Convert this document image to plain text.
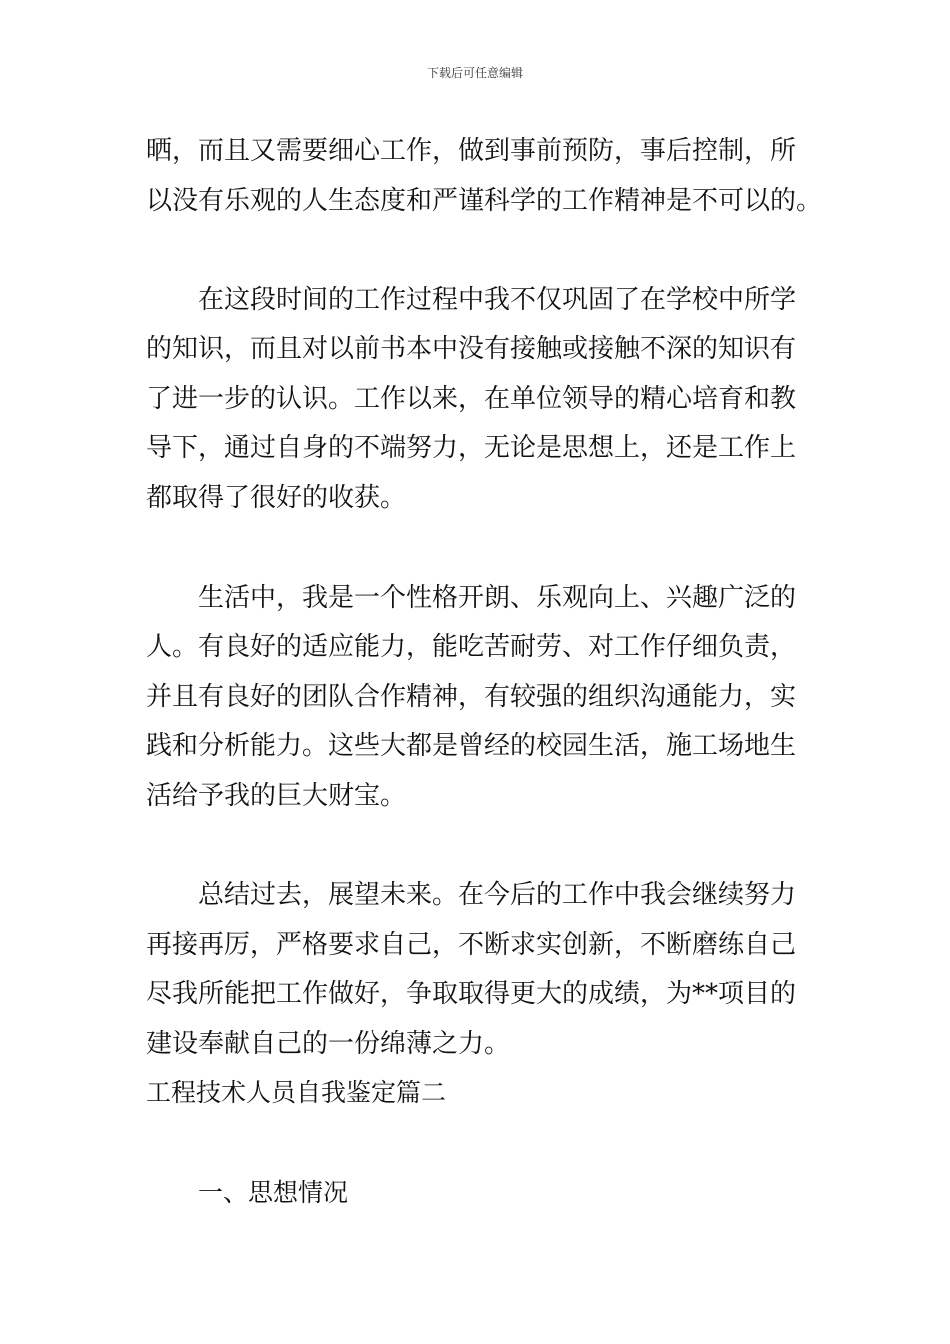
下载后可任意编辑
晒，而且又需要细心工作，做到事前预防，事后控制，所
以没有乐观的人生态度和严谨科学的工作精神是不可以的。
在这段时间的工作过程中我不仅巩固了在学校中所学
的知识，而且对以前书本中没有接触或接触不深的知识有
了进一步的认识。工作以来，在单位领导的精心培育和教
导下，通过自身的不端努力，无论是思想上，还是工作上
都取得了很好的收获。
生活中，我是一个性格开朗、乐观向上、兴趣广泛的
人。有良好的适应能力，能吃苦耐劳、对工作仔细负责，
并且有良好的团队合作精神，有较强的组织沟通能力，实
践和分析能力。这些大都是曾经的校园生活，施工场地生
活给予我的巨大财宝。
总结过去，展望未来。在今后的工作中我会继续努力
再接再厉，严格要求自己，不断求实创新，不断磨练自己
尽我所能把工作做好，争取取得更大的成绩，为**项目的
建设奉献自己的一份绵薄之力。
工程技术人员自我鉴定篇二
一、思想情况
